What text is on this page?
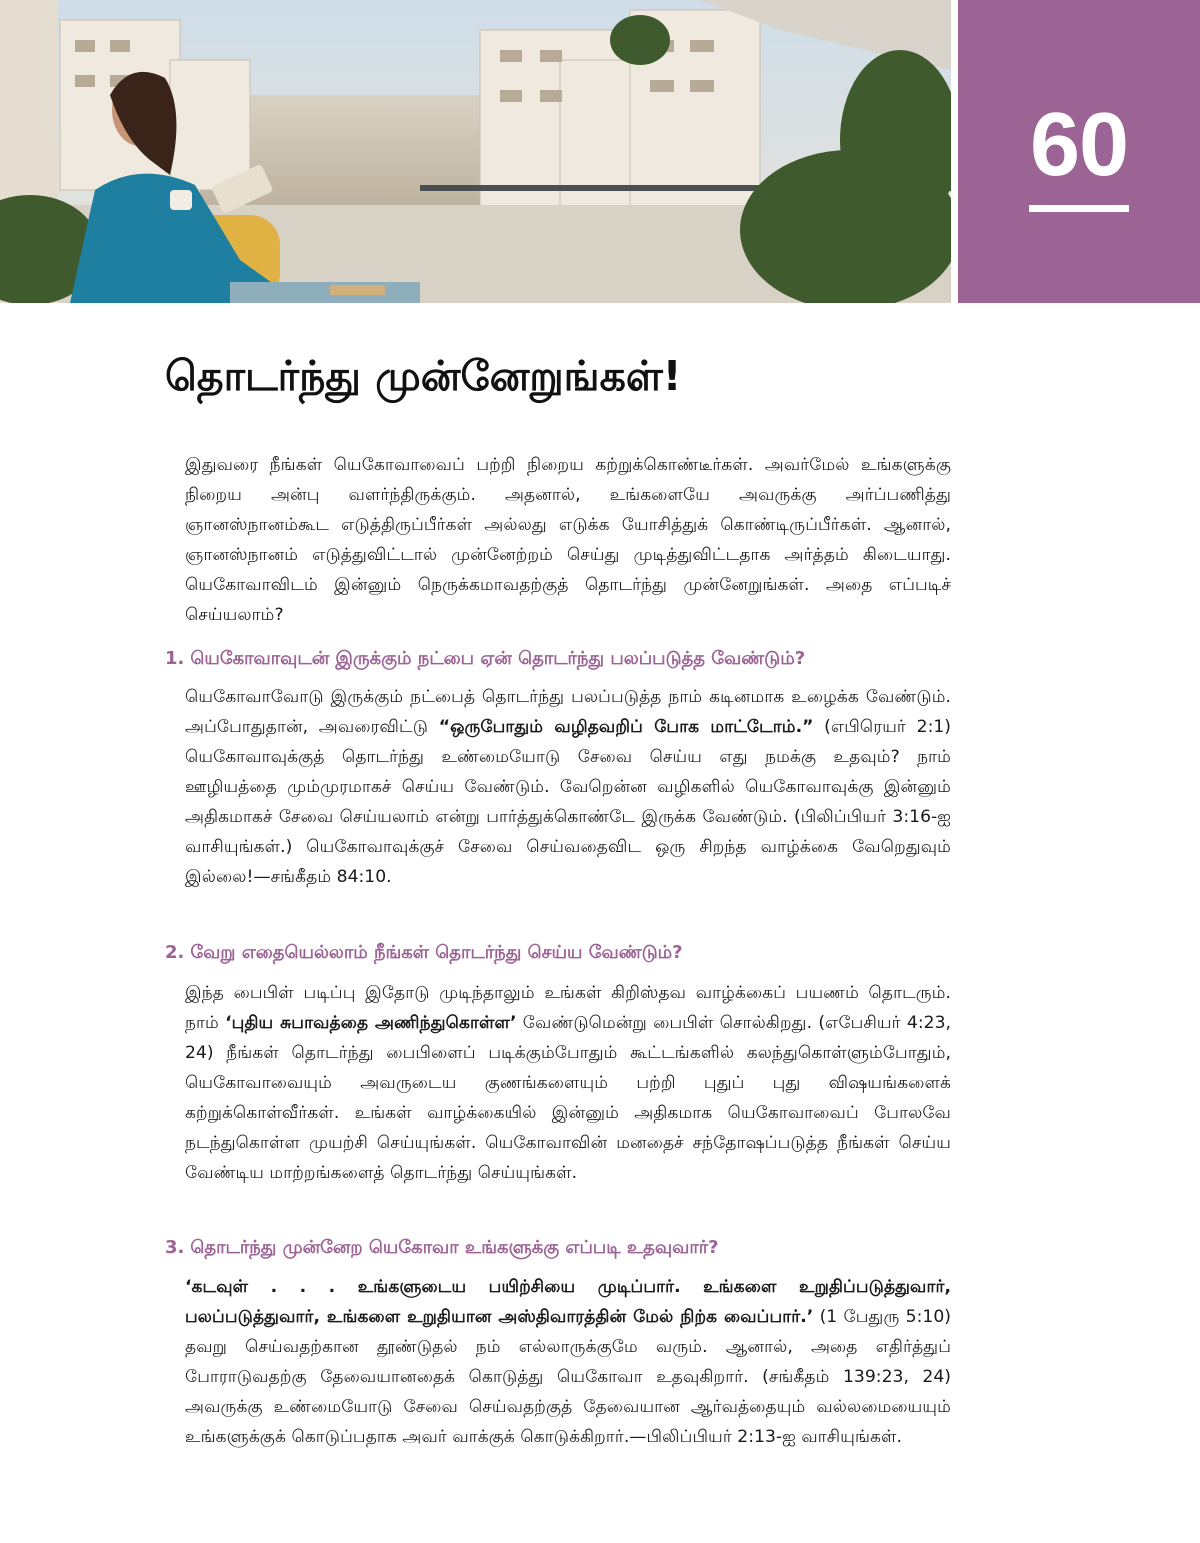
60
தொடர்ந்து முன்னேறுங்கள்!

இதுவரை நீங்கள் யெகோவாவைப் பற்றி நிறைய கற்றுக்கொண்டீர்கள். அவர்மேல் உங்களுக்கு நிறைய அன்பு வளர்ந்திருக்கும். அதனால், உங்களையே அவருக்கு அர்ப்பணித்து ஞானஸ்நானம்கூட எடுத்திருப்பீர்கள் அல்லது எடுக்க யோசித்துக் கொண்டிருப்பீர்கள். ஆனால், ஞானஸ்நானம் எடுத்துவிட்டால் முன்னேற்றம் செய்து முடித்துவிட்டதாக அர்த்தம் கிடையாது. யெகோவாவிடம் இன்னும் நெருக்கமாவதற்குத் தொடர்ந்து முன்னேறுங்கள். அதை எப்படிச் செய்யலாம்?

1. யெகோவாவுடன் இருக்கும் நட்பை ஏன் தொடர்ந்து பலப்படுத்த வேண்டும்?

யெகோவாவோடு இருக்கும் நட்பைத் தொடர்ந்து பலப்படுத்த நாம் கடினமாக உழைக்க வேண்டும். அப்போதுதான், அவரைவிட்டு “ஒருபோதும் வழிதவறிப் போக மாட்டோம்.” (எபிரெயர் 2:1) யெகோவாவுக்குத் தொடர்ந்து உண்மையோடு சேவை செய்ய எது நமக்கு உதவும்? நாம் ஊழியத்தை மும்முரமாகச் செய்ய வேண்டும். வேறென்ன வழிகளில் யெகோவாவுக்கு இன்னும் அதிகமாகச் சேவை செய்யலாம் என்று பார்த்துக்கொண்டே இருக்க வேண்டும். (பிலிப்பியர் 3:16-ஐ வாசியுங்கள்.) யெகோவாவுக்குச் சேவை செய்வதைவிட ஒரு சிறந்த வாழ்க்கை வேறெதுவும் இல்லை!—சங்கீதம் 84:10.

2. வேறு எதையெல்லாம் நீங்கள் தொடர்ந்து செய்ய வேண்டும்?

இந்த பைபிள் படிப்பு இதோடு முடிந்தாலும் உங்கள் கிறிஸ்தவ வாழ்க்கைப் பயணம் தொடரும். நாம் ‘புதிய சுபாவத்தை அணிந்துகொள்ள’ வேண்டுமென்று பைபிள் சொல்கிறது. (எபேசியர் 4:23, 24) நீங்கள் தொடர்ந்து பைபிளைப் படிக்கும்போதும் கூட்டங்களில் கலந்துகொள்ளும்போதும், யெகோவாவையும் அவருடைய குணங்களையும் பற்றி புதுப் புது விஷயங்களைக் கற்றுக்கொள்வீர்கள். உங்கள் வாழ்க்கையில் இன்னும் அதிகமாக யெகோவாவைப் போலவே நடந்துகொள்ள முயற்சி செய்யுங்கள். யெகோவாவின் மனதைச் சந்தோஷப்படுத்த நீங்கள் செய்ய வேண்டிய மாற்றங்களைத் தொடர்ந்து செய்யுங்கள்.

3. தொடர்ந்து முன்னேற யெகோவா உங்களுக்கு எப்படி உதவுவார்?

‘கடவுள் . . . உங்களுடைய பயிற்சியை முடிப்பார். உங்களை உறுதிப்படுத்துவார், பலப்படுத்துவார், உங்களை உறுதியான அஸ்திவாரத்தின் மேல் நிற்க வைப்பார்.’ (1 பேதுரு 5:10) தவறு செய்வதற்கான தூண்டுதல் நம் எல்லாருக்குமே வரும். ஆனால், அதை எதிர்த்துப் போராடுவதற்கு தேவையானதைக் கொடுத்து யெகோவா உதவுகிறார். (சங்கீதம் 139:23, 24) அவருக்கு உண்மையோடு சேவை செய்வதற்குத் தேவையான ஆர்வத்தையும் வல்லமையையும் உங்களுக்குக் கொடுப்பதாக அவர் வாக்குக் கொடுக்கிறார்.—பிலிப்பியர் 2:13-ஐ வாசியுங்கள்.
